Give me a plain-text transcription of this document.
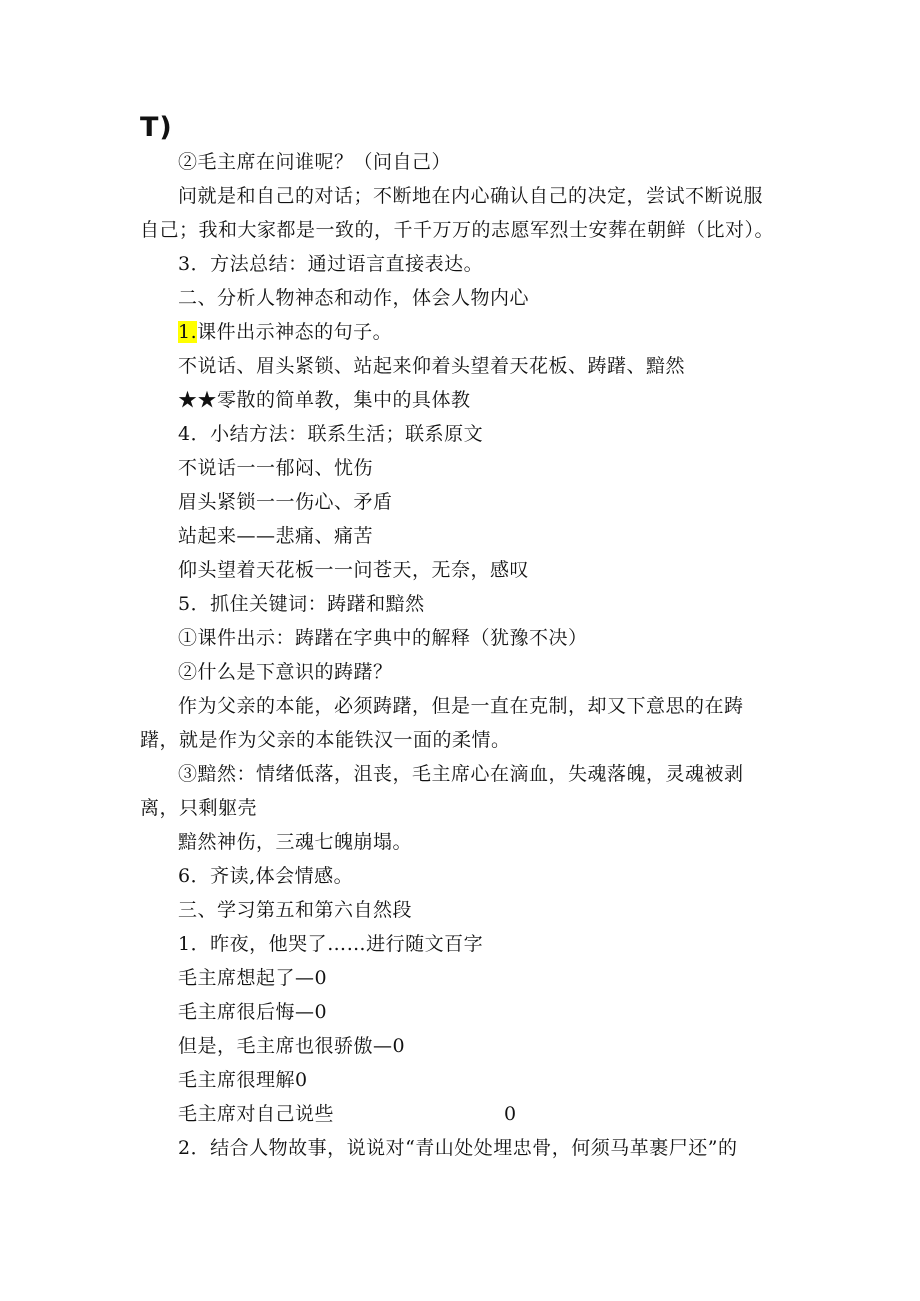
T)
②毛主席在问谁呢？（问自己）
问就是和自己的对话；不断地在内心确认自己的决定，尝试不断说服
自己；我和大家都是一致的，千千万万的志愿军烈士安葬在朝鲜（比对）。
3．方法总结：通过语言直接表达。
二、分析人物神态和动作，体会人物内心
1.课件出示神态的句子。
不说话、眉头紧锁、站起来仰着头望着天花板、踌躇、黯然
★★零散的简单教，集中的具体教
4．小结方法：联系生活；联系原文
不说话一一郁闷、忧伤
眉头紧锁一一伤心、矛盾
站起来——悲痛、痛苦
仰头望着天花板一一问苍天，无奈，感叹
5．抓住关键词：踌躇和黯然
①课件出示：踌躇在字典中的解释（犹豫不决）
②什么是下意识的踌躇？
作为父亲的本能，必须踌躇，但是一直在克制，却又下意思的在踌
躇，就是作为父亲的本能铁汉一面的柔情。
③黯然：情绪低落，沮丧，毛主席心在滴血，失魂落魄，灵魂被剥
离，只剩躯壳
黯然神伤，三魂七魄崩塌。
6．齐读,体会情感。
三、学习第五和第六自然段
1．昨夜，他哭了……进行随文百字
毛主席想起了—0
毛主席很后悔—0
但是，毛主席也很骄傲—0
毛主席很理解0
毛主席对自己说些	0
2．结合人物故事，说说对“青山处处埋忠骨，何须马革裹尸还”的
